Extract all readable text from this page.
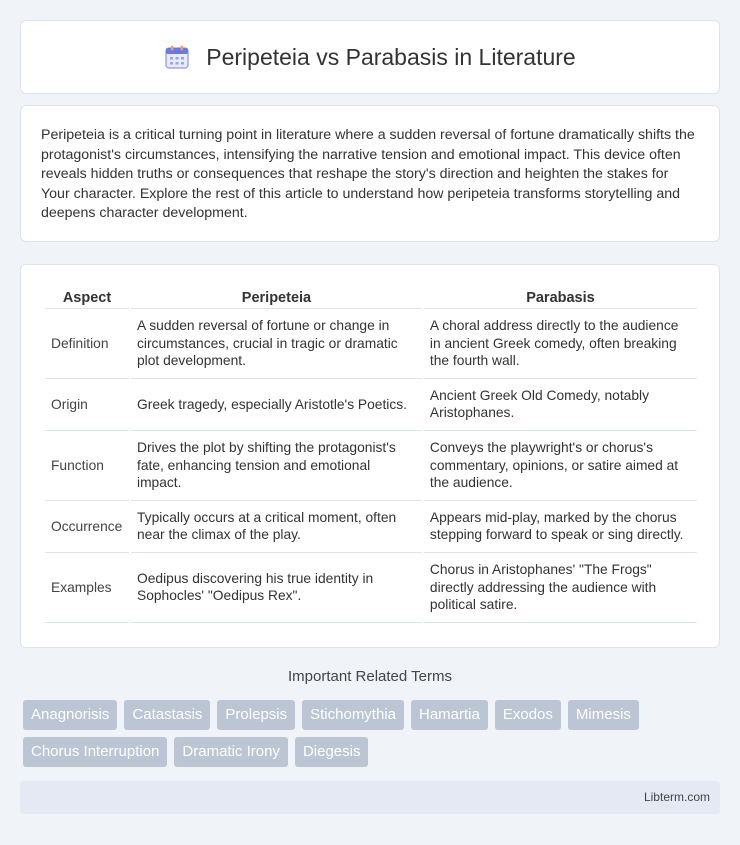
Peripeteia vs Parabasis in Literature

Peripeteia is a critical turning point in literature where a sudden reversal of fortune dramatically shifts the protagonist's circumstances, intensifying the narrative tension and emotional impact. This device often reveals hidden truths or consequences that reshape the story's direction and heighten the stakes for Your character. Explore the rest of this article to understand how peripeteia transforms storytelling and deepens character development.

Aspect	Peripeteia	Parabasis
Definition	A sudden reversal of fortune or change in circumstances, crucial in tragic or dramatic plot development.	A choral address directly to the audience in ancient Greek comedy, often breaking the fourth wall.
Origin	Greek tragedy, especially Aristotle's Poetics.	Ancient Greek Old Comedy, notably Aristophanes.
Function	Drives the plot by shifting the protagonist's fate, enhancing tension and emotional impact.	Conveys the playwright's or chorus's commentary, opinions, or satire aimed at the audience.
Occurrence	Typically occurs at a critical moment, often near the climax of the play.	Appears mid-play, marked by the chorus stepping forward to speak or sing directly.
Examples	Oedipus discovering his true identity in Sophocles' "Oedipus Rex".	Chorus in Aristophanes' "The Frogs" directly addressing the audience with political satire.
Important Related Terms
Anagnorisis	Catastasis	Prolepsis	Stichomythia	Hamartia	Exodos	Mimesis
Chorus Interruption	Dramatic Irony	Diegesis
Libterm.com
